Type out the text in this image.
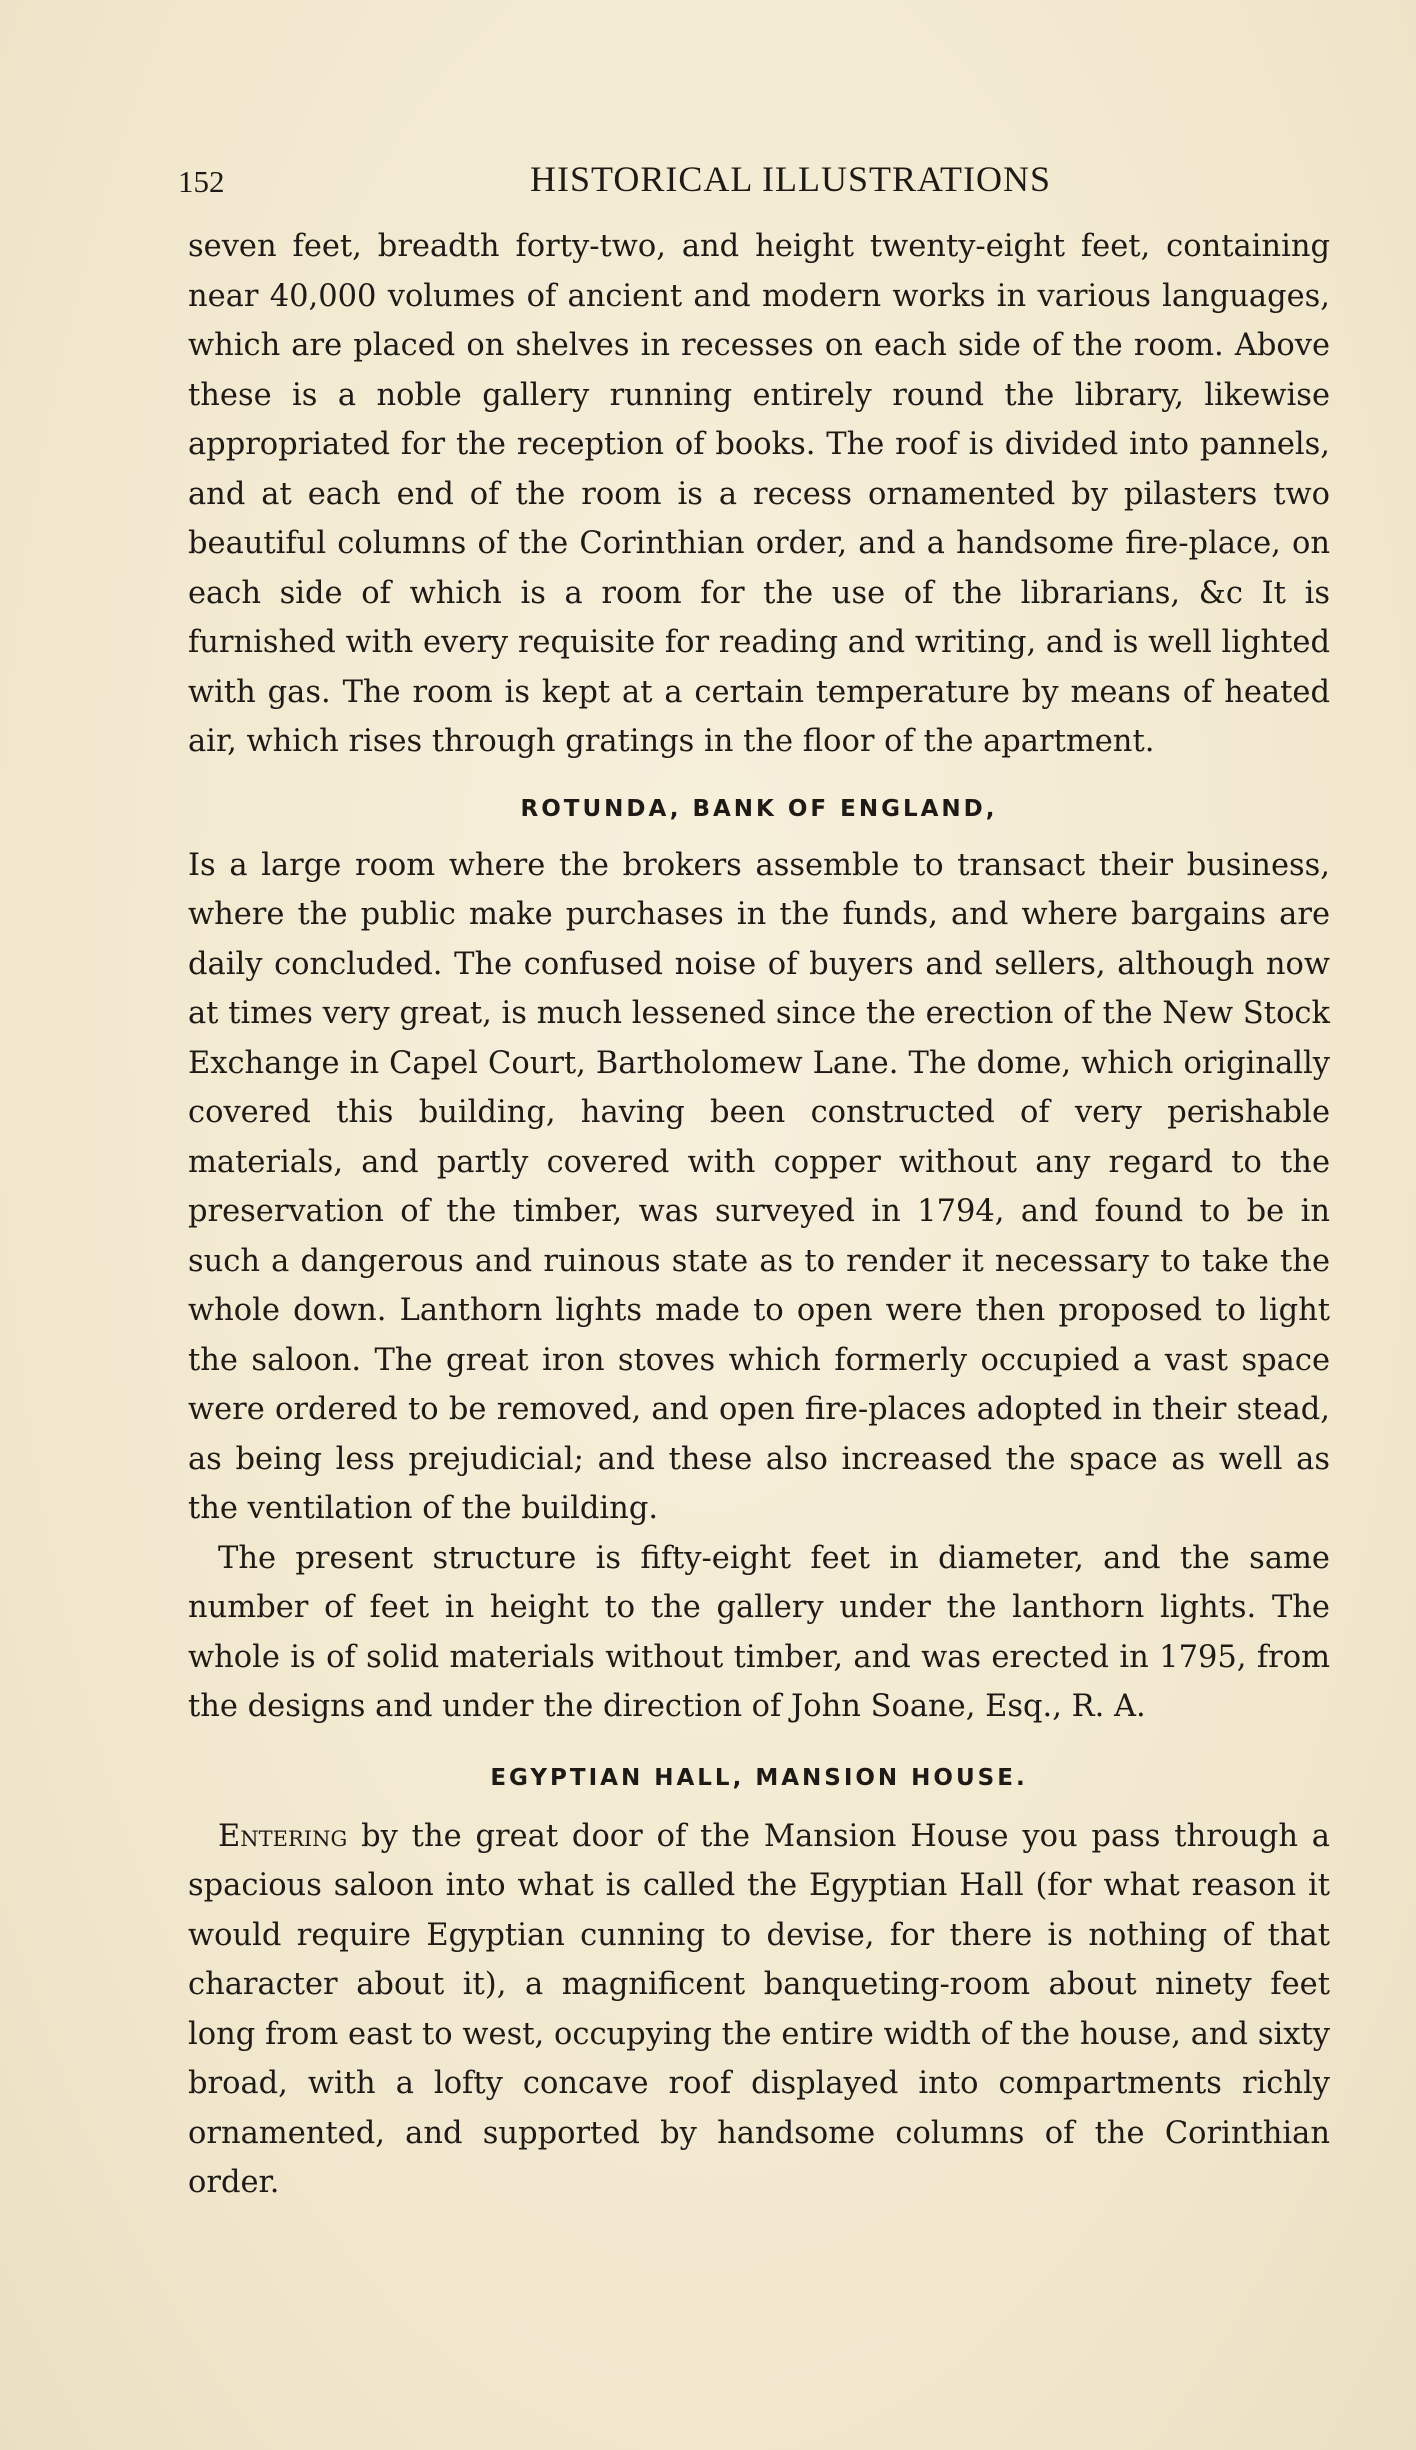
152	HISTORICAL ILLUSTRATIONS

seven feet, breadth forty-two, and height twenty-eight feet, containing near 40,000 volumes of ancient and modern works in various languages, which are placed on shelves in recesses on each side of the room. Above these is a noble gallery running entirely round the library, likewise appropriated for the reception of books. The roof is divided into pannels, and at each end of the room is a recess ornamented by pilasters two beautiful columns of the Corinthian order, and a handsome fire-place, on each side of which is a room for the use of the librarians, &c It is furnished with every requisite for reading and writing, and is well lighted with gas. The room is kept at a certain temperature by means of heated air, which rises through gratings in the floor of the apartment.

ROTUNDA, BANK OF ENGLAND,

Is a large room where the brokers assemble to transact their business, where the public make purchases in the funds, and where bargains are daily concluded. The confused noise of buyers and sellers, although now at times very great, is much lessened since the erection of the New Stock Exchange in Capel Court, Bartholomew Lane. The dome, which originally covered this building, having been constructed of very perishable materials, and partly covered with copper without any regard to the preservation of the timber, was surveyed in 1794, and found to be in such a dangerous and ruinous state as to render it necessary to take the whole down. Lanthorn lights made to open were then proposed to light the saloon. The great iron stoves which formerly occupied a vast space were ordered to be removed, and open fire-places adopted in their stead, as being less prejudicial; and these also increased the space as well as the ventilation of the building.

The present structure is fifty-eight feet in diameter, and the same number of feet in height to the gallery under the lanthorn lights. The whole is of solid materials without timber, and was erected in 1795, from the designs and under the direction of John Soane, Esq., R. A.

EGYPTIAN HALL, MANSION HOUSE.

Entering by the great door of the Mansion House you pass through a spacious saloon into what is called the Egyptian Hall (for what reason it would require Egyptian cunning to devise, for there is nothing of that character about it), a magnificent banqueting-room about ninety feet long from east to west, occupying the entire width of the house, and sixty broad, with a lofty concave roof displayed into compartments richly ornamented, and supported by handsome columns of the Corinthian order.
